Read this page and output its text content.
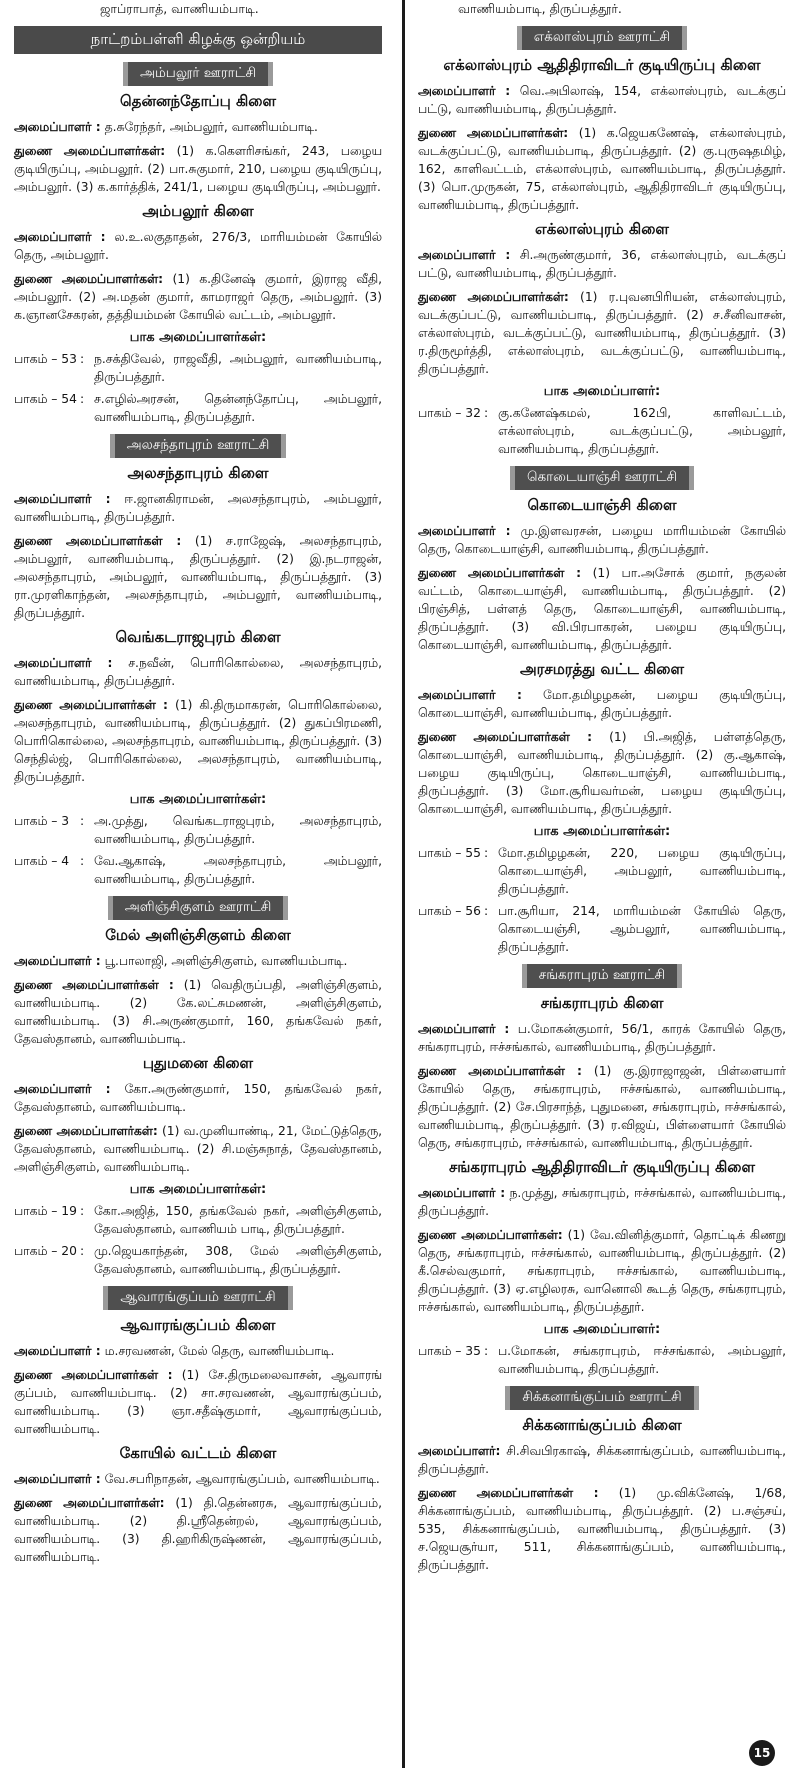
ஜாப்ராபாத், வாணியம்பாடி.
நாட்றம்பள்ளி கிழக்கு ஒன்றியம்
அம்பலூர் ஊராட்சி
தென்னந்தோப்பு கிளை

அமைப்பாளர் : த.சுரேந்தர், அம்பலூர், வாணியம்பாடி.

துணை அமைப்பாளர்கள்: (1) க.கௌரிசங்கர், 243, பழைய குடியிருப்பு, அம்பலூர். (2) பா.சுகுமார், 210, பழைய குடியிருப்பு, அம்பலூர். (3) க.கார்த்திக், 241/1, பழைய குடியிருப்பு, அம்பலூர்.

அம்பலூர் கிளை

அமைப்பாளர் : ல.உ.லகுதாதன், 276/3, மாரியம்மன் கோயில் தெரு, அம்பலூர்.

துணை அமைப்பாளர்கள்: (1) க.தினேஷ் குமார், இராஜ வீதி, அம்பலூர். (2) அ.மதன் குமார், காமராஜர் தெரு, அம்பலூர். (3) க.ஞானசேகரன், தத்தியம்மன் கோயில் வட்டம், அம்பலூர்.

பாக அமைப்பாளர்கள்:
பாகம் – 53 : ந.சக்திவேல், ராஜவீதி, அம்பலூர், வாணியம்பாடி, திருப்பத்தூர்.
பாகம் – 54 : ச.எழில்அரசன், தென்னந்தோப்பு, அம்பலூர், வாணியம்பாடி, திருப்பத்தூர்.
அலசந்தாபுரம் ஊராட்சி
அலசந்தாபுரம் கிளை

அமைப்பாளர் : ஈ.ஜானகிராமன், அலசந்தாபுரம், அம்பலூர், வாணியம்பாடி, திருப்பத்தூர்.

துணை அமைப்பாளர்கள் : (1) ச.ராஜேஷ், அலசந்தாபுரம், அம்பலூர், வாணியம்பாடி, திருப்பத்தூர். (2) இ.நடராஜன், அலசந்தாபுரம், அம்பலூர், வாணியம்பாடி, திருப்பத்தூர். (3) ரா.முரளிகாந்தன், அலசந்தாபுரம், அம்பலூர், வாணியம்பாடி, திருப்பத்தூர்.

வெங்கடராஜபுரம் கிளை

அமைப்பாளர் : ச.நவீன், பொரிகொல்லை, அலசந்தாபுரம், வாணியம்பாடி, திருப்பத்தூர்.

துணை அமைப்பாளர்கள் : (1) கி.திருமாகரன், பொரிகொல்லை, அலசந்தாபுரம், வாணியம்பாடி, திருப்பத்தூர். (2) துகப்பிரமணி, பொரிகொல்லை, அலசந்தாபுரம், வாணியம்பாடி, திருப்பத்தூர். (3) செந்தில்ஜ், பொரிகொல்லை, அலசந்தாபுரம், வாணியம்பாடி, திருப்பத்தூர்.

பாக அமைப்பாளர்கள்:
பாகம் – 3 : அ.முத்து, வெங்கடராஜபுரம், அலசந்தாபுரம், வாணியம்பாடி, திருப்பத்தூர்.
பாகம் – 4 : வே.ஆகாஷ், அலசந்தாபுரம், அம்பலூர், வாணியம்பாடி, திருப்பத்தூர்.
அளிஞ்சிகுளம் ஊராட்சி
மேல் அளிஞ்சிகுளம் கிளை

அமைப்பாளர் : பூ.பாலாஜி, அளிஞ்சிகுளம், வாணியம்பாடி.

துணை அமைப்பாளர்கள் : (1) வெதிருப்பதி, அளிஞ்சிகுளம், வாணியம்பாடி. (2) கே.லட்சுமணன், அளிஞ்சிகுளம், வாணியம்பாடி. (3) சி.அருண்குமார், 160, தங்கவேல் நகர், தேவஸ்தானம், வாணியம்பாடி.

புதுமனை கிளை

அமைப்பாளர் : கோ.அருண்குமார், 150, தங்கவேல் நகர், தேவஸ்தானம், வாணியம்பாடி.

துணை அமைப்பாளர்கள்: (1) வ.முனியாண்டி, 21, மேட்டுத்தெரு, தேவஸ்தானம், வாணியம்பாடி. (2) சி.மஞ்சுநாத், தேவஸ்தானம், அளிஞ்சிகுளம், வாணியம்பாடி.

பாக அமைப்பாளர்கள்:
பாகம் – 19 : கோ.அஜித், 150, தங்கவேல் நகர், அளிஞ்சிகுளம், தேவஸ்தானம், வாணியம் பாடி, திருப்பத்தூர்.
பாகம் – 20 : மு.ஜெயகாந்தன், 308, மேல் அளிஞ்சிகுளம், தேவஸ்தானம், வாணியம்பாடி, திருப்பத்தூர்.
ஆவாரங்குப்பம் ஊராட்சி
ஆவாரங்குப்பம் கிளை

அமைப்பாளர் : ம.சரவணன், மேல் தெரு, வாணியம்பாடி.

துணை அமைப்பாளர்கள் : (1) சே.திருமலைவாசன், ஆவாரங் குப்பம், வாணியம்பாடி. (2) சா.சரவணன், ஆவாரங்குப்பம், வாணியம்பாடி. (3) ஞா.சதீஷ்குமார், ஆவாரங்குப்பம், வாணியம்பாடி.

கோயில் வட்டம் கிளை

அமைப்பாளர் : வே.சபரிநாதன், ஆவாரங்குப்பம், வாணியம்பாடி.

துணை அமைப்பாளர்கள்: (1) தி.தென்னரசு, ஆவாரங்குப்பம், வாணியம்பாடி. (2) தி.ஸ்ரீதென்றல், ஆவாரங்குப்பம், வாணியம்பாடி. (3) தி.ஹரிகிருஷ்ணன், ஆவாரங்குப்பம், வாணியம்பாடி.

வாணியம்பாடி, திருப்பத்தூர்.
எக்லாஸ்புரம் ஊராட்சி
எக்லாஸ்புரம் ஆதிதிராவிடர் குடியிருப்பு கிளை

அமைப்பாளர் : வெ.அபிலாஷ், 154, எக்லாஸ்புரம், வடக்குப் பட்டு, வாணியம்பாடி, திருப்பத்தூர்.

துணை அமைப்பாளர்கள்: (1) க.ஜெயகணேஷ், எக்லாஸ்புரம், வடக்குப்பட்டு, வாணியம்பாடி, திருப்பத்தூர். (2) கு.புருஷதமிழ், 162, காளிவட்டம், எக்லாஸ்புரம், வாணியம்பாடி, திருப்பத்தூர். (3) பொ.முருகன், 75, எக்லாஸ்புரம், ஆதிதிராவிடர் குடியிருப்பு, வாணியம்பாடி, திருப்பத்தூர்.

எக்லாஸ்புரம் கிளை

அமைப்பாளர் : சி.அருண்குமார், 36, எக்லாஸ்புரம், வடக்குப் பட்டு, வாணியம்பாடி, திருப்பத்தூர்.

துணை அமைப்பாளர்கள்: (1) ர.புவனபிரியன், எக்லாஸ்புரம், வடக்குப்பட்டு, வாணியம்பாடி, திருப்பத்தூர். (2) ச.சீனிவாசன், எக்லாஸ்புரம், வடக்குப்பட்டு, வாணியம்பாடி, திருப்பத்தூர். (3) ர.திருமூர்த்தி, எக்லாஸ்புரம், வடக்குப்பட்டு, வாணியம்பாடி, திருப்பத்தூர்.

பாக அமைப்பாளர்:
பாகம் – 32 : கு.கணேஷ்கமல், 162பி, காளிவட்டம், எக்லாஸ்புரம், வடக்குப்பட்டு, அம்பலூர், வாணியம்பாடி, திருப்பத்தூர்.
கொடையாஞ்சி ஊராட்சி
கொடையாஞ்சி கிளை

அமைப்பாளர் : மு.இளவரசன், பழைய மாரியம்மன் கோயில் தெரு, கொடையாஞ்சி, வாணியம்பாடி, திருப்பத்தூர்.

துணை அமைப்பாளர்கள் : (1) பா.அசோக் குமார், நகுலன் வட்டம், கொடையாஞ்சி, வாணியம்பாடி, திருப்பத்தூர். (2) பிரஞ்சித், பள்ளத் தெரு, கொடையாஞ்சி, வாணியம்பாடி, திருப்பத்தூர். (3) வி.பிரபாகரன், பழைய குடியிருப்பு, கொடையாஞ்சி, வாணியம்பாடி, திருப்பத்தூர்.

அரசமரத்து வட்ட கிளை

அமைப்பாளர் : மோ.தமிழழகன், பழைய குடியிருப்பு, கொடையாஞ்சி, வாணியம்பாடி, திருப்பத்தூர்.

துணை அமைப்பாளர்கள் : (1) பி.அஜித், பள்ளத்தெரு, கொடையாஞ்சி, வாணியம்பாடி, திருப்பத்தூர். (2) கு.ஆகாஷ், பழைய குடியிருப்பு, கொடையாஞ்சி, வாணியம்பாடி, திருப்பத்தூர். (3) மோ.சூரியவர்மன், பழைய குடியிருப்பு, கொடையாஞ்சி, வாணியம்பாடி, திருப்பத்தூர்.

பாக அமைப்பாளர்கள்:
பாகம் – 55 : மோ.தமிழழகன், 220, பழைய குடியிருப்பு, கொடையாஞ்சி, அம்பலூர், வாணியம்பாடி, திருப்பத்தூர்.
பாகம் – 56 : பா.சூரியா, 214, மாரியம்மன் கோயில் தெரு, கொடையஞ்சி, ஆம்பலூர், வாணியம்பாடி, திருப்பத்தூர்.
சங்கராபுரம் ஊராட்சி
சங்கராபுரம் கிளை

அமைப்பாளர் : ப.மோகன்குமார், 56/1, காரக் கோயில் தெரு, சங்கராபுரம், ஈச்சங்கால், வாணியம்பாடி, திருப்பத்தூர்.

துணை அமைப்பாளர்கள் : (1) கு.இராஜாஜன், பிள்ளையார் கோயில் தெரு, சங்கராபுரம், ஈச்சங்கால், வாணியம்பாடி, திருப்பத்தூர். (2) சே.பிரசாந்த், புதுமனை, சங்கராபுரம், ஈச்சங்கால், வாணியம்பாடி, திருப்பத்தூர். (3) ர.விஜய், பிள்ளையார் கோயில் தெரு, சங்கராபுரம், ஈச்சங்கால், வாணியம்பாடி, திருப்பத்தூர்.

சங்கராபுரம் ஆதிதிராவிடர் குடியிருப்பு கிளை

அமைப்பாளர் : ந.முத்து, சங்கராபுரம், ஈச்சங்கால், வாணியம்பாடி, திருப்பத்தூர்.

துணை அமைப்பாளர்கள்: (1) வே.வினித்குமார், தொட்டிக் கிணறு தெரு, சங்கராபுரம், ஈச்சங்கால், வாணியம்பாடி, திருப்பத்தூர். (2) கீ.செல்வகுமார், சங்கராபுரம், ஈச்சங்கால், வாணியம்பாடி, திருப்பத்தூர். (3) ஏ.எழிலரசு, வானொலி கூடத் தெரு, சங்கராபுரம், ஈச்சங்கால், வாணியம்பாடி, திருப்பத்தூர்.

பாக அமைப்பாளர்:
பாகம் – 35 : ப.மோகன், சங்கராபுரம், ஈச்சங்கால், அம்பலூர், வாணியம்பாடி, திருப்பத்தூர்.
சிக்கனாங்குப்பம் ஊராட்சி
சிக்கனாங்குப்பம் கிளை

அமைப்பாளர்: சி.சிவபிரகாஷ், சிக்கனாங்குப்பம், வாணியம்பாடி, திருப்பத்தூர்.

துணை அமைப்பாளர்கள் : (1) மு.விக்னேஷ், 1/68, சிக்கனாங்குப்பம், வாணியம்பாடி, திருப்பத்தூர். (2) ப.சஞ்சய், 535, சிக்கனாங்குப்பம், வாணியம்பாடி, திருப்பத்தூர். (3) ச.ஜெயசூர்யா, 511, சிக்கனாங்குப்பம், வாணியம்பாடி, திருப்பத்தூர்.

15
